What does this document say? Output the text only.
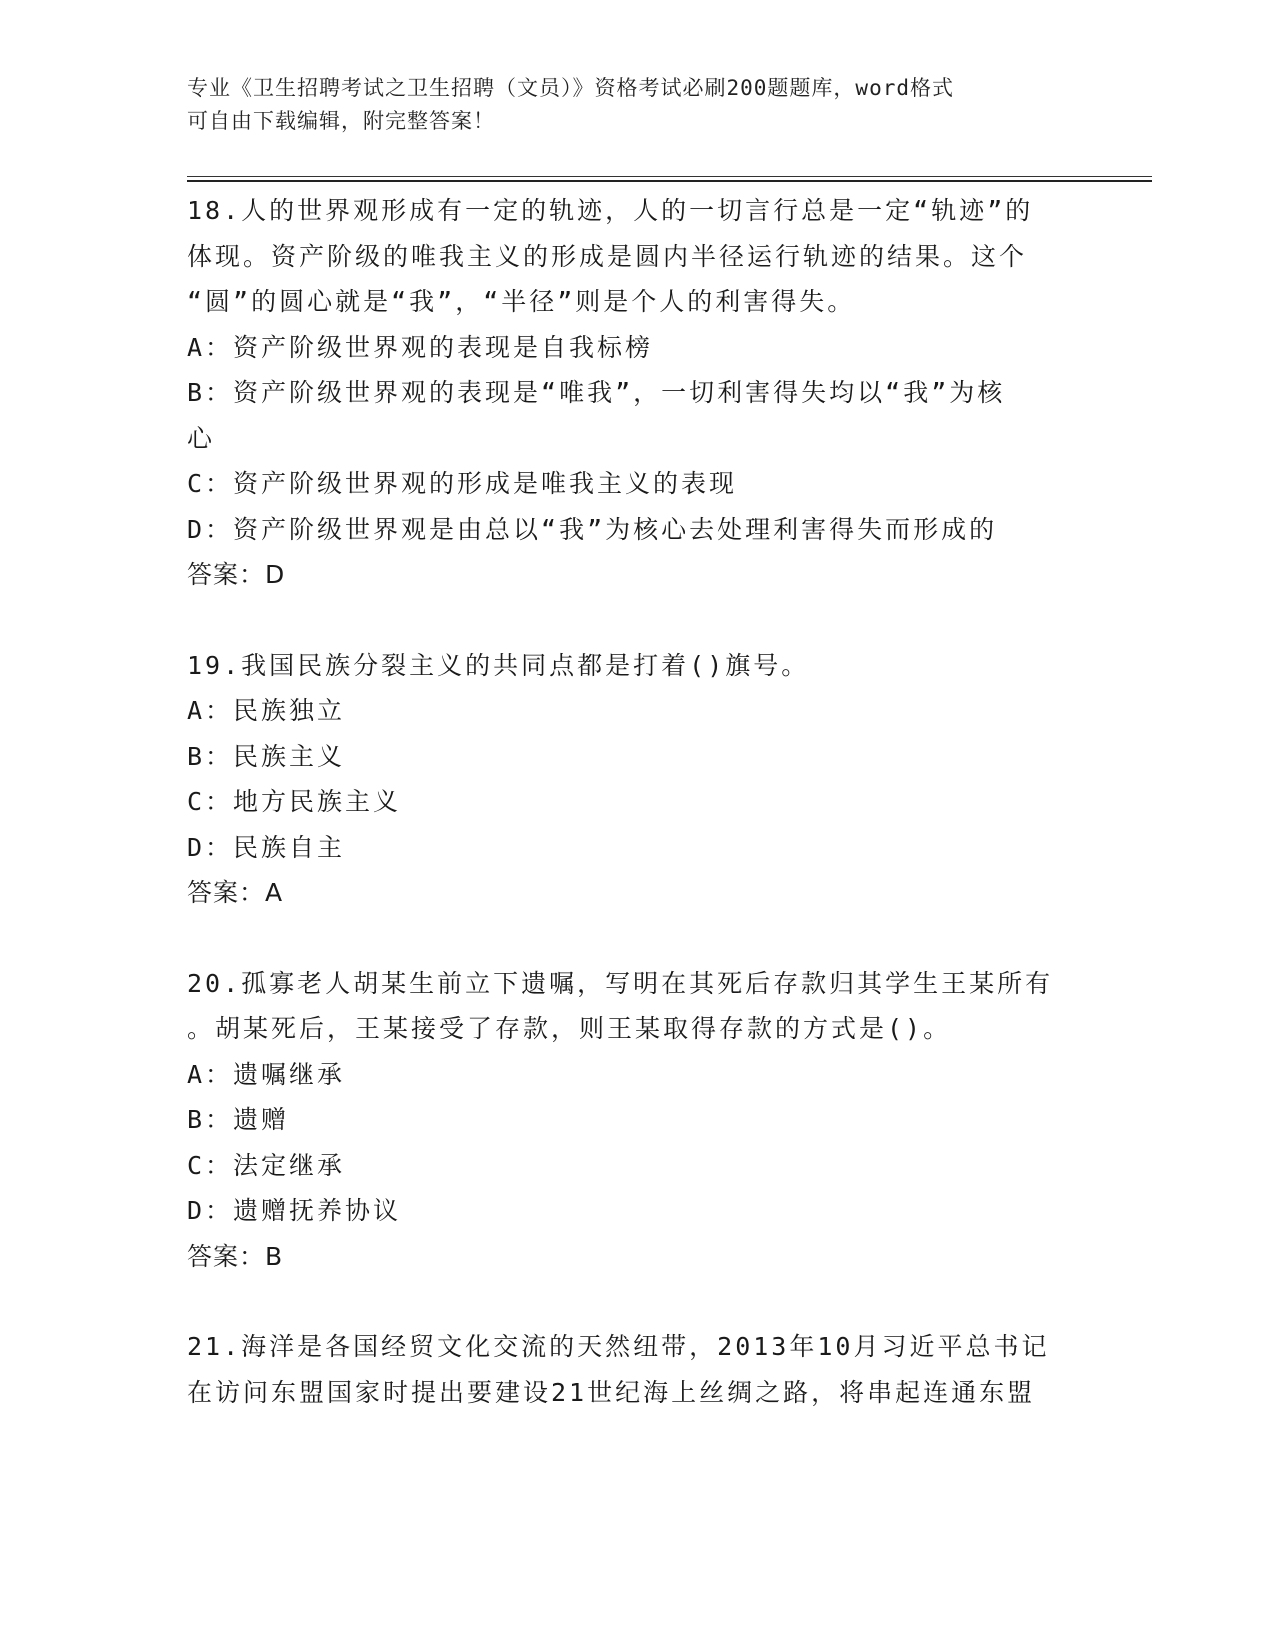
专业《卫生招聘考试之卫生招聘（文员）》资格考试必刷200题题库，word格式
可自由下载编辑，附完整答案！

18.人的世界观形成有一定的轨迹，人的一切言行总是一定“轨迹”的

体现。资产阶级的唯我主义的形成是圆内半径运行轨迹的结果。这个

“圆”的圆心就是“我”，“半径”则是个人的利害得失。

A：资产阶级世界观的表现是自我标榜

B：资产阶级世界观的表现是“唯我”，一切利害得失均以“我”为核

心

C：资产阶级世界观的形成是唯我主义的表现

D：资产阶级世界观是由总以“我”为核心去处理利害得失而形成的

答案：D

19.我国民族分裂主义的共同点都是打着()旗号。

A：民族独立

B：民族主义

C：地方民族主义

D：民族自主

答案：A

20.孤寡老人胡某生前立下遗嘱，写明在其死后存款归其学生王某所有

。胡某死后，王某接受了存款，则王某取得存款的方式是()。

A：遗嘱继承

B：遗赠

C：法定继承

D：遗赠抚养协议

答案：B

21.海洋是各国经贸文化交流的天然纽带，2013年10月习近平总书记

在访问东盟国家时提出要建设21世纪海上丝绸之路，将串起连通东盟
